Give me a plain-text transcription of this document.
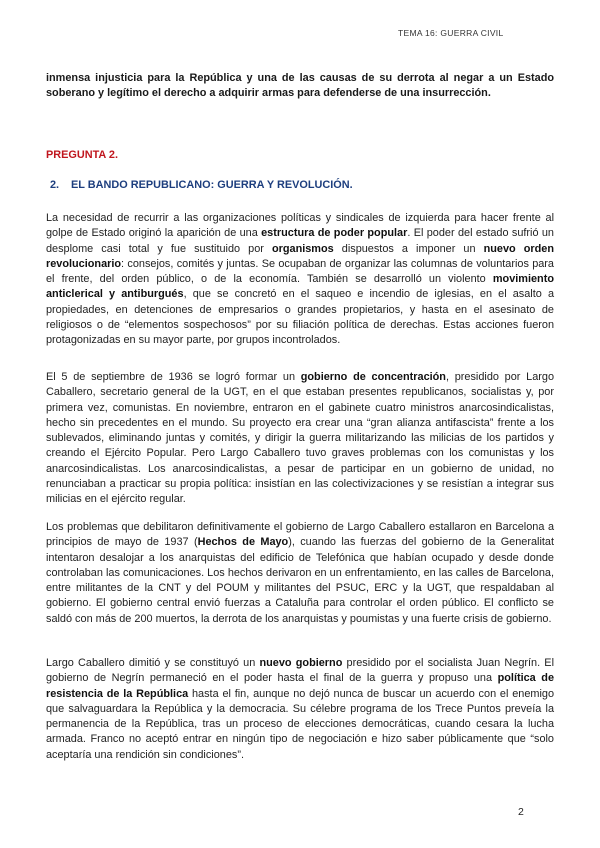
TEMA 16: GUERRA CIVIL
inmensa injusticia para la República y una de las causas de su derrota al negar a un Estado soberano y legítimo el derecho a adquirir armas para defenderse de una insurrección.
PREGUNTA 2.
2. EL BANDO REPUBLICANO: GUERRA Y REVOLUCIÓN.

La necesidad de recurrir a las organizaciones políticas y sindicales de izquierda para hacer frente al golpe de Estado originó la aparición de una estructura de poder popular. El poder del estado sufrió un desplome casi total y fue sustituido por organismos dispuestos a imponer un nuevo orden revolucionario: consejos, comités y juntas. Se ocupaban de organizar las columnas de voluntarios para el frente, del orden público, o de la economía. También se desarrolló un violento movimiento anticlerical y antiburgués, que se concretó en el saqueo e incendio de iglesias, en el asalto a propiedades, en detenciones de empresarios o grandes propietarios, y hasta en el asesinato de religiosos o de “elementos sospechosos” por su filiación política de derechas. Estas acciones fueron protagonizadas en su mayor parte, por grupos incontrolados.

El 5 de septiembre de 1936 se logró formar un gobierno de concentración, presidido por Largo Caballero, secretario general de la UGT, en el que estaban presentes republicanos, socialistas y, por primera vez, comunistas. En noviembre, entraron en el gabinete cuatro ministros anarcosindicalistas, hecho sin precedentes en el mundo. Su proyecto era crear una “gran alianza antifascista” frente a los sublevados, eliminando juntas y comités, y dirigir la guerra militarizando las milicias de los partidos y creando el Ejército Popular. Pero Largo Caballero tuvo graves problemas con los comunistas y los anarcosindicalistas. Los anarcosindicalistas, a pesar de participar en un gobierno de unidad, no renunciaban a practicar su propia política: insistían en las colectivizaciones y se resistían a integrar sus milicias en el ejército regular.

Los problemas que debilitaron definitivamente el gobierno de Largo Caballero estallaron en Barcelona a principios de mayo de 1937 (Hechos de Mayo), cuando las fuerzas del gobierno de la Generalitat intentaron desalojar a los anarquistas del edificio de Telefónica que habían ocupado y desde donde controlaban las comunicaciones. Los hechos derivaron en un enfrentamiento, en las calles de Barcelona, entre militantes de la CNT y del POUM y militantes del PSUC, ERC y la UGT, que respaldaban al gobierno. El gobierno central envió fuerzas a Cataluña para controlar el orden público. El conflicto se saldó con más de 200 muertos, la derrota de los anarquistas y poumistas y una fuerte crisis de gobierno.

Largo Caballero dimitió y se constituyó un nuevo gobierno presidido por el socialista Juan Negrín. El gobierno de Negrín permaneció en el poder hasta el final de la guerra y propuso una política de resistencia de la República hasta el fin, aunque no dejó nunca de buscar un acuerdo con el enemigo que salvaguardara la República y la democracia. Su célebre programa de los Trece Puntos preveía la permanencia de la República, tras un proceso de elecciones democráticas, cuando cesara la lucha armada. Franco no aceptó entrar en ningún tipo de negociación e hizo saber públicamente que “solo aceptaría una rendición sin condiciones”.

2
